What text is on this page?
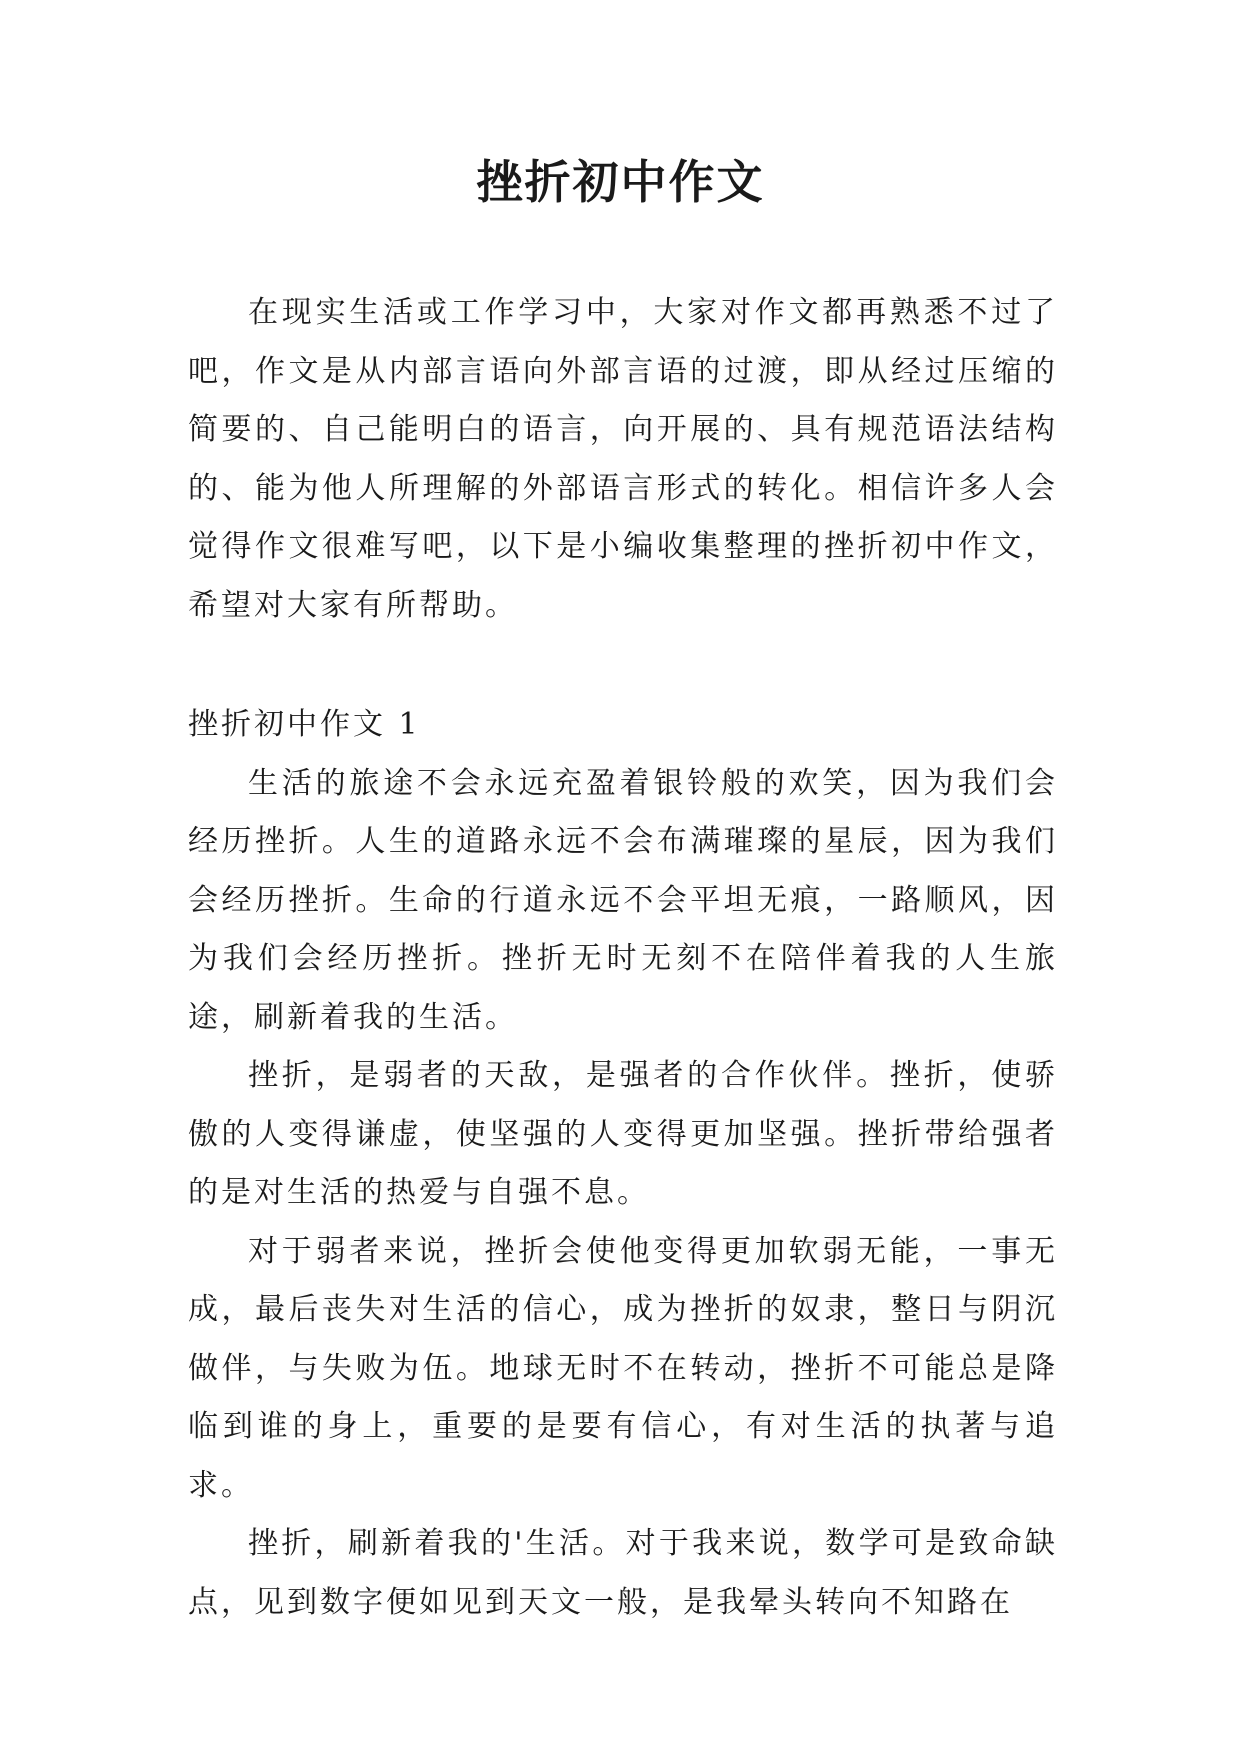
挫折初中作文

在现实生活或工作学习中，大家对作文都再熟悉不过了吧，作文是从内部言语向外部言语的过渡，即从经过压缩的简要的、自己能明白的语言，向开展的、具有规范语法结构的、能为他人所理解的外部语言形式的转化。相信许多人会觉得作文很难写吧，以下是小编收集整理的挫折初中作文，希望对大家有所帮助。

挫折初中作文 1

生活的旅途不会永远充盈着银铃般的欢笑，因为我们会经历挫折。人生的道路永远不会布满璀璨的星辰，因为我们会经历挫折。生命的行道永远不会平坦无痕，一路顺风，因为我们会经历挫折。挫折无时无刻不在陪伴着我的人生旅途，刷新着我的生活。

挫折，是弱者的天敌，是强者的合作伙伴。挫折，使骄傲的人变得谦虚，使坚强的人变得更加坚强。挫折带给强者的是对生活的热爱与自强不息。

对于弱者来说，挫折会使他变得更加软弱无能，一事无成，最后丧失对生活的信心，成为挫折的奴隶，整日与阴沉做伴，与失败为伍。地球无时不在转动，挫折不可能总是降临到谁的身上，重要的是要有信心，有对生活的执著与追求。

挫折，刷新着我的'生活。对于我来说，数学可是致命缺点，见到数字便如见到天文一般，是我晕头转向不知路在
